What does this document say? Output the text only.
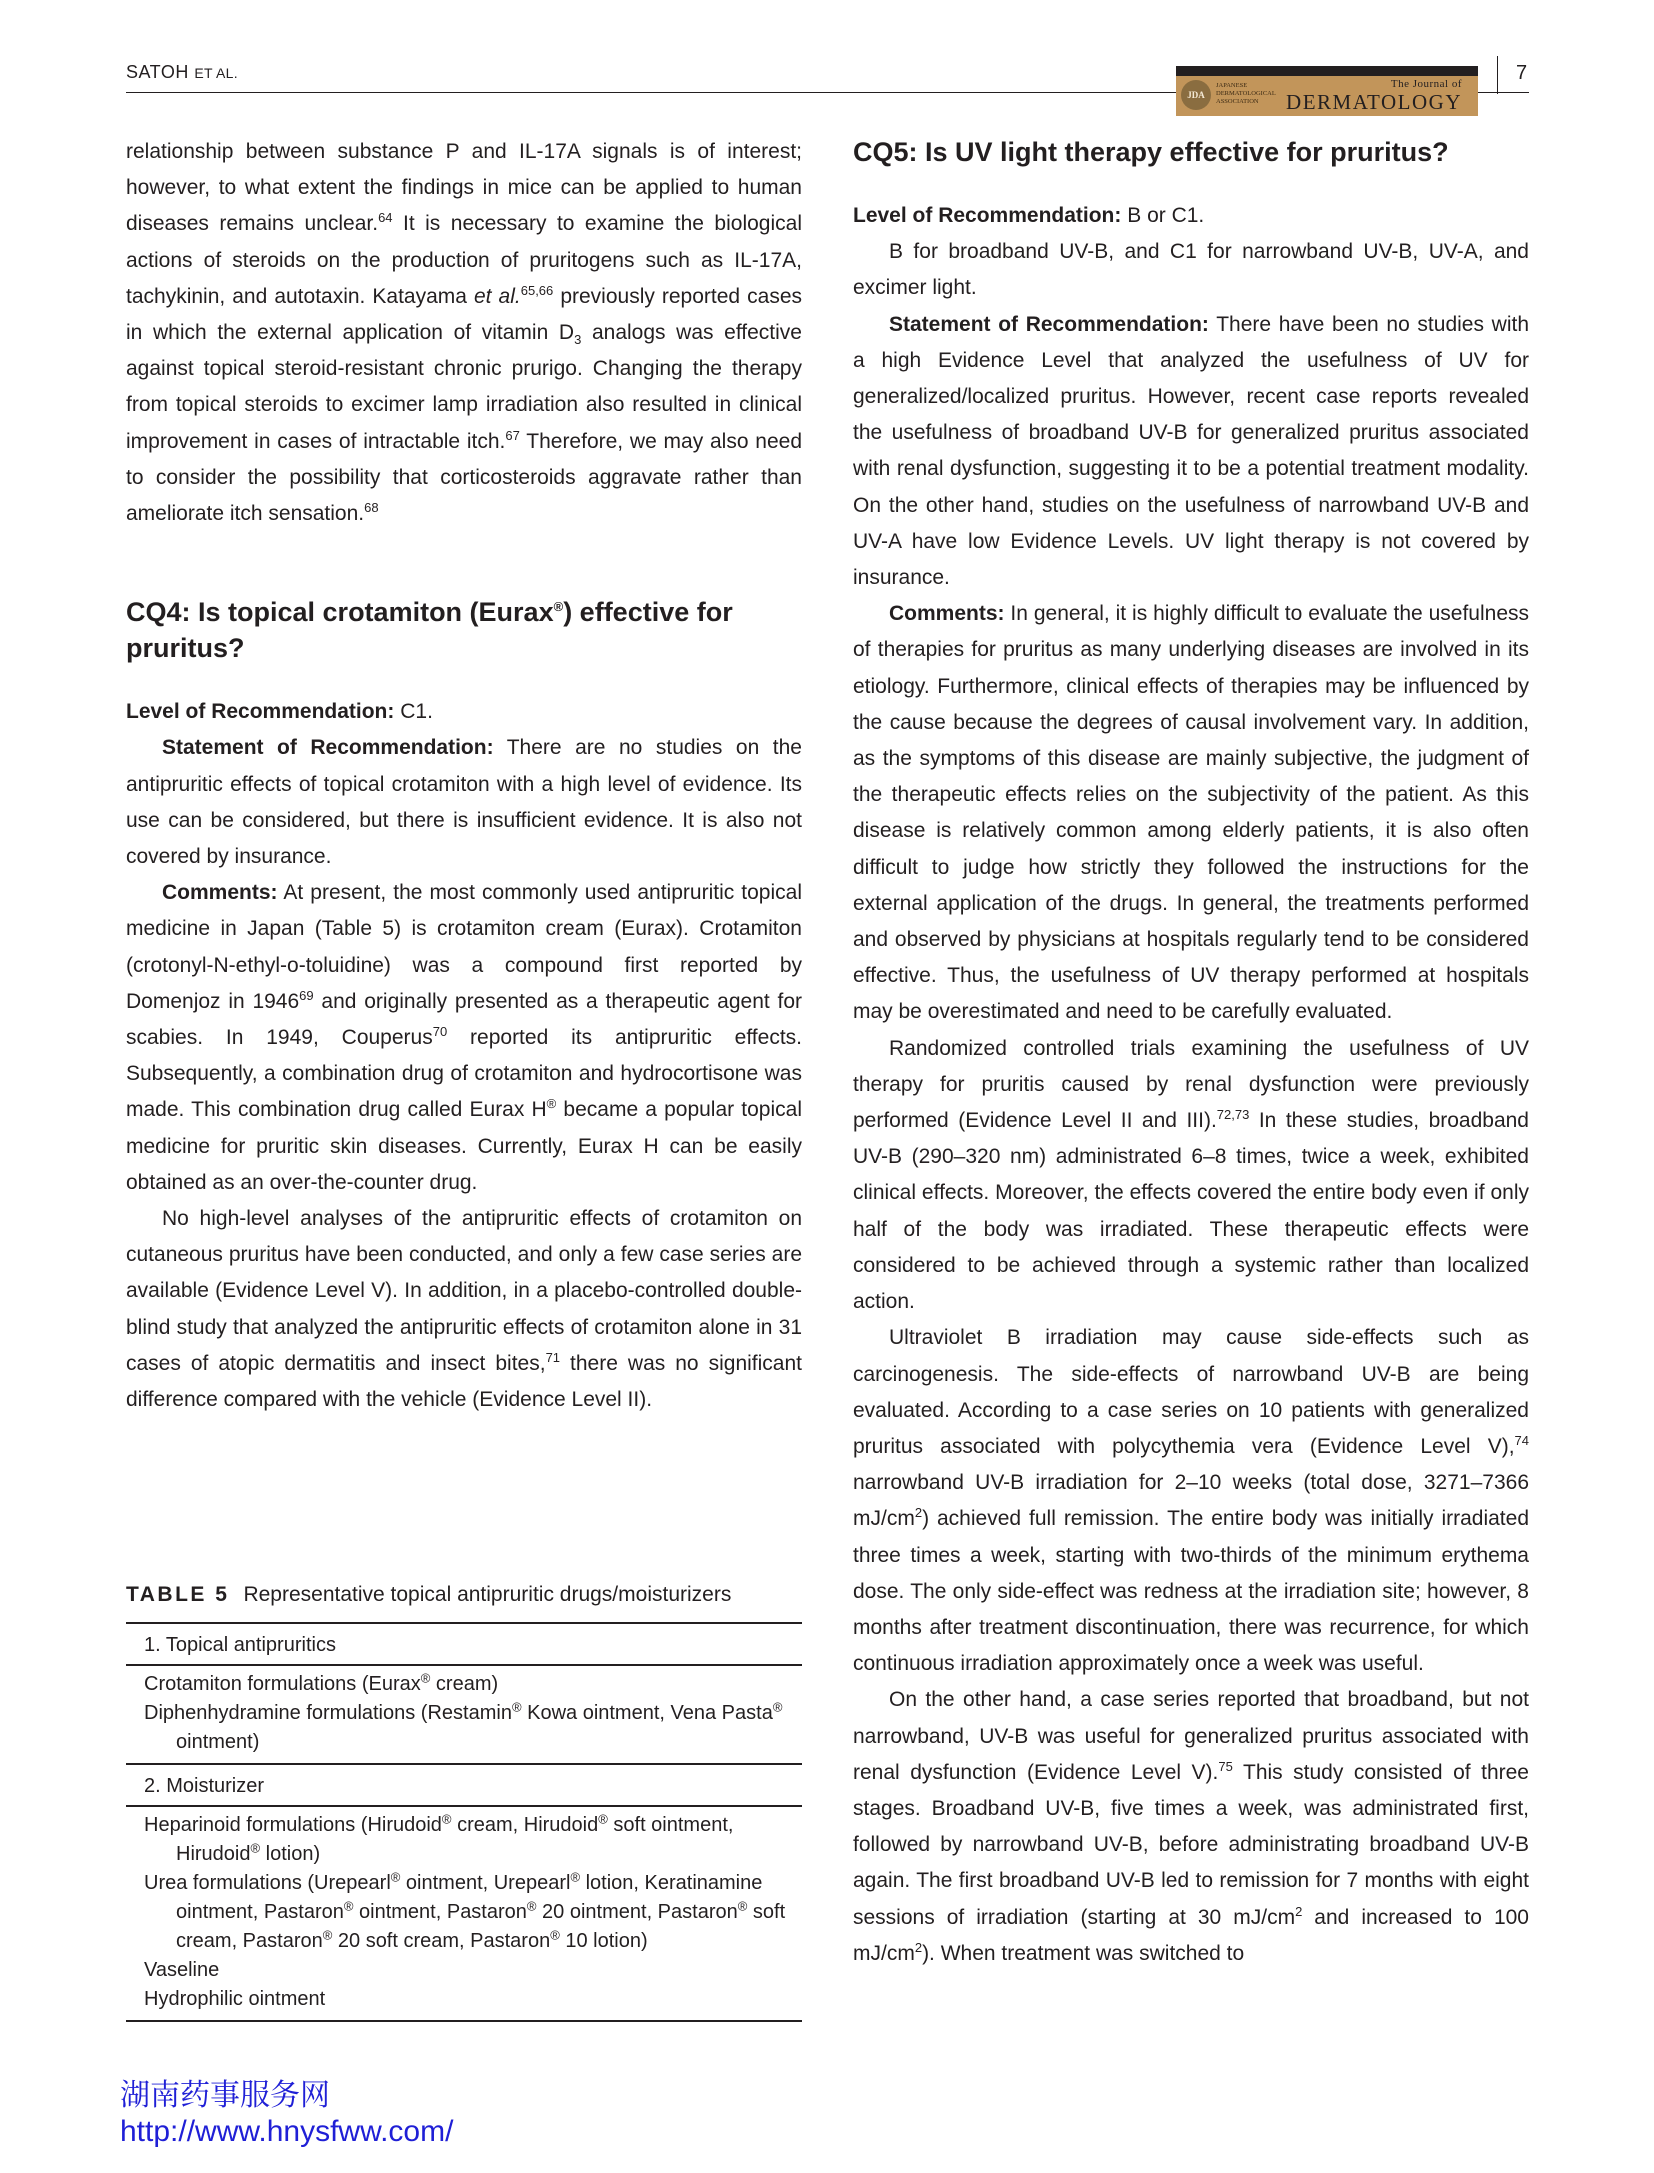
SATOH ET AL.	7
JDA
JAPANESE DERMATOLOGICAL ASSOCIATION
The Journal of
DERMATOLOGY

relationship between substance P and IL-17A signals is of interest; however, to what extent the findings in mice can be applied to human diseases remains unclear.$^{64}$ It is necessary to examine the biological actions of steroids on the production of pruritogens such as IL-17A, tachykinin, and autotaxin. Katayama et al.$^{65,66}$ previously reported cases in which the external application of vitamin $D_3$ analogs was effective against topical steroid-resistant chronic prurigo. Changing the therapy from topical steroids to excimer lamp irradiation also resulted in clinical improvement in cases of intractable itch.$^{67}$ Therefore, we may also need to consider the possibility that corticosteroids aggravate rather than ameliorate itch sensation.$^{68}$

CQ4: Is topical crotamiton (Eurax®) effective for pruritus?

Level of Recommendation: C1.

Statement of Recommendation: There are no studies on the antipruritic effects of topical crotamiton with a high level of evidence. Its use can be considered, but there is insufficient evidence. It is also not covered by insurance.

Comments: At present, the most commonly used antipruritic topical medicine in Japan (Table 5) is crotamiton cream (Eurax). Crotamiton (crotonyl-N-ethyl-o-toluidine) was a compound first reported by Domenjoz in 1946$^{69}$ and originally presented as a therapeutic agent for scabies. In 1949, Couperus$^{70}$ reported its antipruritic effects. Subsequently, a combination drug of crotamiton and hydrocortisone was made. This combination drug called Eurax H® became a popular topical medicine for pruritic skin diseases. Currently, Eurax H can be easily obtained as an over-the-counter drug.

No high-level analyses of the antipruritic effects of crotamiton on cutaneous pruritus have been conducted, and only a few case series are available (Evidence Level V). In addition, in a placebo-controlled double-blind study that analyzed the antipruritic effects of crotamiton alone in 31 cases of atopic dermatitis and insect bites,$^{71}$ there was no significant difference compared with the vehicle (Evidence Level II).

TABLE 5 Representative topical antipruritic drugs/moisturizers
1. Topical antipruritics
Crotamiton formulations (Eurax® cream)
Diphenhydramine formulations (Restamin® Kowa ointment, Vena Pasta® ointment)
2. Moisturizer
Heparinoid formulations (Hirudoid® cream, Hirudoid® soft ointment, Hirudoid® lotion)
Urea formulations (Urepearl® ointment, Urepearl® lotion, Keratinamine ointment, Pastaron® ointment, Pastaron® 20 ointment, Pastaron® soft cream, Pastaron® 20 soft cream, Pastaron® 10 lotion)
Vaseline
Hydrophilic ointment
CQ5: Is UV light therapy effective for pruritus?

Level of Recommendation: B or C1.

B for broadband UV-B, and C1 for narrowband UV-B, UV-A, and excimer light.

Statement of Recommendation: There have been no studies with a high Evidence Level that analyzed the usefulness of UV for generalized/localized pruritus. However, recent case reports revealed the usefulness of broadband UV-B for generalized pruritus associated with renal dysfunction, suggesting it to be a potential treatment modality. On the other hand, studies on the usefulness of narrowband UV-B and UV-A have low Evidence Levels. UV light therapy is not covered by insurance.

Comments: In general, it is highly difficult to evaluate the usefulness of therapies for pruritus as many underlying diseases are involved in its etiology. Furthermore, clinical effects of therapies may be influenced by the cause because the degrees of causal involvement vary. In addition, as the symptoms of this disease are mainly subjective, the judgment of the therapeutic effects relies on the subjectivity of the patient. As this disease is relatively common among elderly patients, it is also often difficult to judge how strictly they followed the instructions for the external application of the drugs. In general, the treatments performed and observed by physicians at hospitals regularly tend to be considered effective. Thus, the usefulness of UV therapy performed at hospitals may be overestimated and need to be carefully evaluated.

Randomized controlled trials examining the usefulness of UV therapy for pruritis caused by renal dysfunction were previously performed (Evidence Level II and III).$^{72,73}$ In these studies, broadband UV-B (290–320 nm) administrated 6–8 times, twice a week, exhibited clinical effects. Moreover, the effects covered the entire body even if only half of the body was irradiated. These therapeutic effects were considered to be achieved through a systemic rather than localized action.

Ultraviolet B irradiation may cause side-effects such as carcinogenesis. The side-effects of narrowband UV-B are being evaluated. According to a case series on 10 patients with generalized pruritus associated with polycythemia vera (Evidence Level V),$^{74}$ narrowband UV-B irradiation for 2–10 weeks (total dose, 3271–7366 $mJ/cm^2$) achieved full remission. The entire body was initially irradiated three times a week, starting with two-thirds of the minimum erythema dose. The only side-effect was redness at the irradiation site; however, 8 months after treatment discontinuation, there was recurrence, for which continuous irradiation approximately once a week was useful.

On the other hand, a case series reported that broadband, but not narrowband, UV-B was useful for generalized pruritus associated with renal dysfunction (Evidence Level V).$^{75}$ This study consisted of three stages. Broadband UV-B, five times a week, was administrated first, followed by narrowband UV-B, before administrating broadband UV-B again. The first broadband UV-B led to remission for 7 months with eight sessions of irradiation (starting at 30 $mJ/cm^2$ and increased to 100 $mJ/cm^2$). When treatment was switched to

湖南药事服务网
http://www.hnysfww.com/
